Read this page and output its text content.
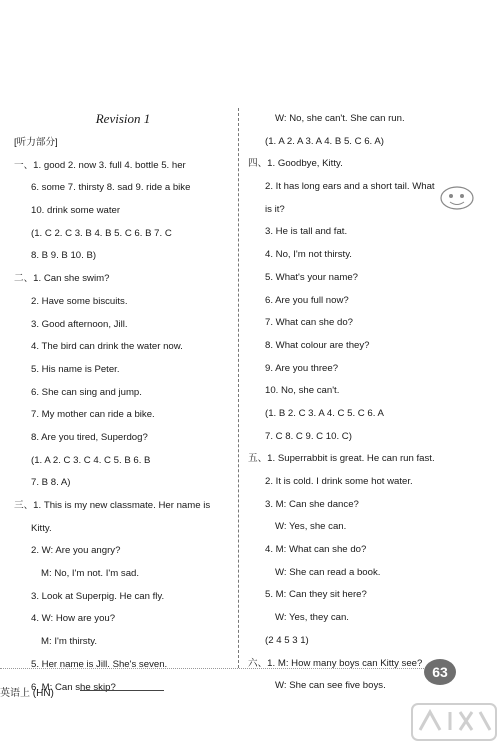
Revision 1
[听力部分]
一、1. good 2. now 3. full 4. bottle 5. her
6. some 7. thirsty 8. sad 9. ride a bike
10. drink some water
(1. C 2. C 3. B 4. B 5. C 6. B 7. C
8. B 9. B 10. B)
二、1. Can she swim?
2. Have some biscuits.
3. Good afternoon, Jill.
4. The bird can drink the water now.
5. His name is Peter.
6. She can sing and jump.
7. My mother can ride a bike.
8. Are you tired, Superdog?
(1. A 2. C 3. C 4. C 5. B 6. B
7. B 8. A)
三、1. This is my new classmate. Her name is
Kitty.
2. W: Are you angry?
M: No, I'm not. I'm sad.
3. Look at Superpig. He can fly.
4. W: How are you?
M: I'm thirsty.
5. Her name is Jill. She's seven.
6. M: Can she skip?
W: No, she can't. She can run.
(1. A 2. A 3. A 4. B 5. C 6. A)
四、1. Goodbye, Kitty.
2. It has long ears and a short tail. What
is it?
3. He is tall and fat.
4. No, I'm not thirsty.
5. What's your name?
6. Are you full now?
7. What can she do?
8. What colour are they?
9. Are you three?
10. No, she can't.
(1. B 2. C 3. A 4. C 5. C 6. A
7. C 8. C 9. C 10. C)
五、1. Superrabbit is great. He can run fast.
2. It is cold. I drink some hot water.
3. M: Can she dance?
W: Yes, she can.
4. M: What can she do?
W: She can read a book.
5. M: Can they sit here?
W: Yes, they can.
(2 4 5 3 1)
六、1. M: How many boys can Kitty see?
W: She can see five boys.
英语上 (HN)
63
